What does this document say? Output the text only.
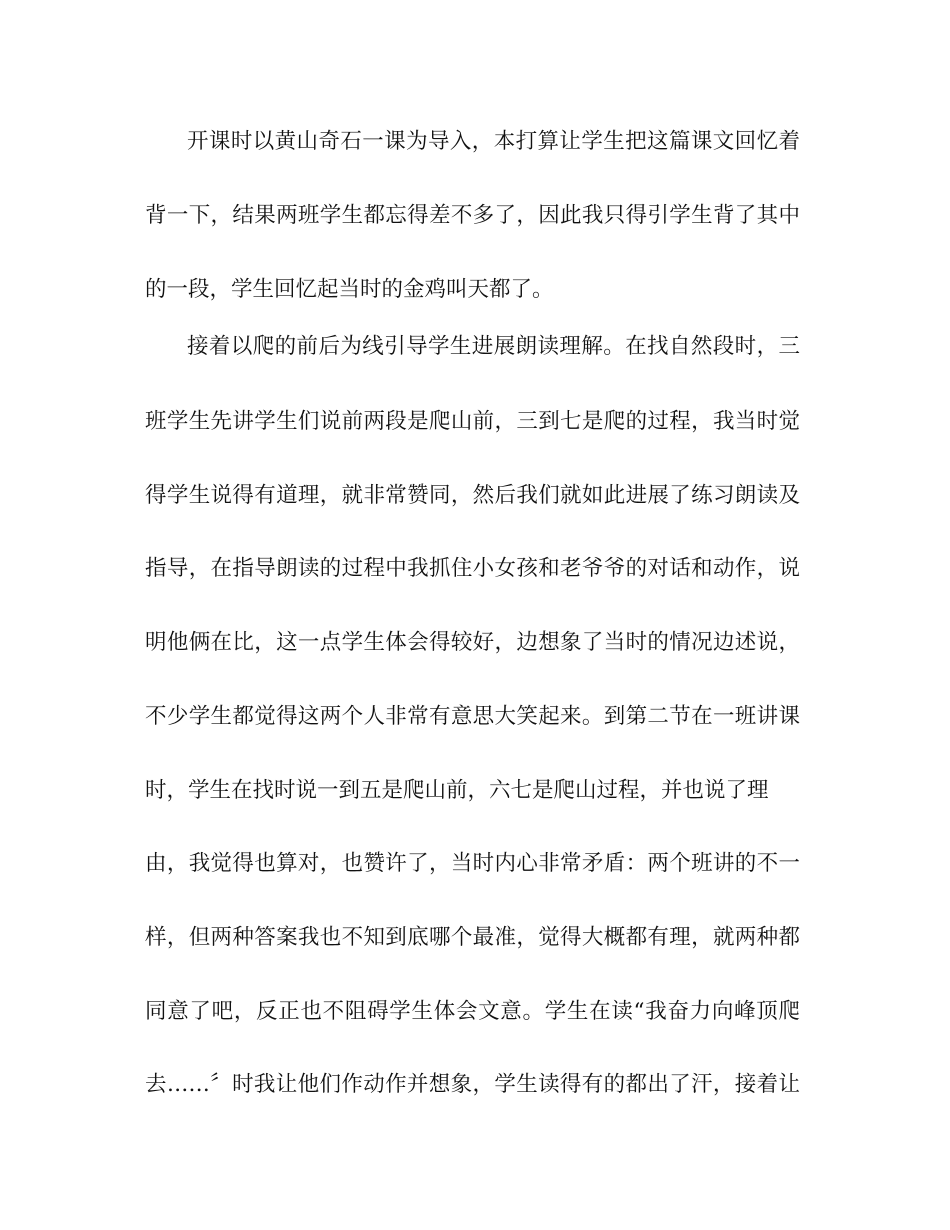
开课时以黄山奇石一课为导入，本打算让学生把这篇课文回忆着
背一下，结果两班学生都忘得差不多了，因此我只得引学生背了其中
的一段，学生回忆起当时的金鸡叫天都了。
接着以爬的前后为线引导学生进展朗读理解。在找自然段时，三
班学生先讲学生们说前两段是爬山前，三到七是爬的过程，我当时觉
得学生说得有道理，就非常赞同，然后我们就如此进展了练习朗读及
指导，在指导朗读的过程中我抓住小女孩和老爷爷的对话和动作，说
明他俩在比，这一点学生体会得较好，边想象了当时的情况边述说，
不少学生都觉得这两个人非常有意思大笑起来。到第二节在一班讲课
时，学生在找时说一到五是爬山前，六七是爬山过程，并也说了理
由，我觉得也算对，也赞许了，当时内心非常矛盾：两个班讲的不一
样，但两种答案我也不知到底哪个最准，觉得大概都有理，就两种都
同意了吧，反正也不阻碍学生体会文意。学生在读“我奋力向峰顶爬
去……〞时我让他们作动作并想象，学生读得有的都出了汗，接着让
